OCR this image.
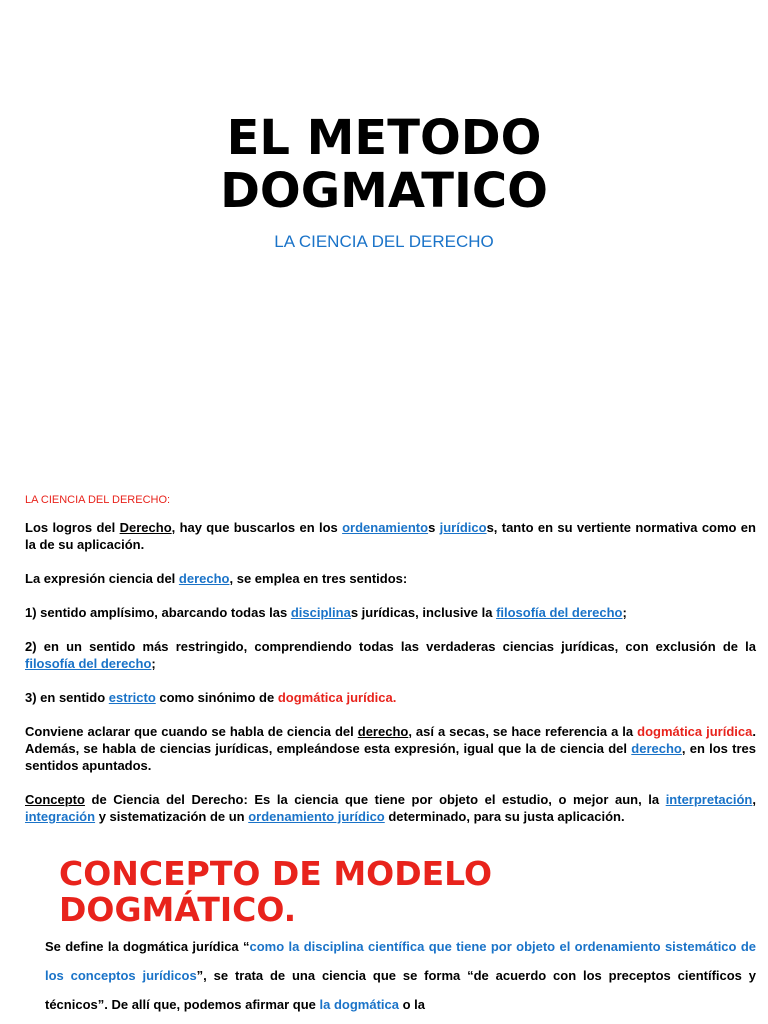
EL METODO
DOGMATICO
LA CIENCIA DEL DERECHO
LA CIENCIA DEL DERECHO:
Los logros del Derecho, hay que buscarlos en los ordenamientos jurídicos, tanto en su vertiente normativa como en la de su aplicación.
La expresión ciencia del derecho, se emplea en tres sentidos:
1) sentido amplísimo, abarcando todas las disciplinas jurídicas, inclusive la filosofía del derecho;
2) en un sentido más restringido, comprendiendo todas las verdaderas ciencias jurídicas, con exclusión de la filosofía del derecho;
3) en sentido estricto como sinónimo de dogmática jurídica.
Conviene aclarar que cuando se habla de ciencia del derecho, así a secas, se hace referencia a la dogmática jurídica. Además, se habla de ciencias jurídicas, empleándose esta expresión, igual que la de ciencia del derecho, en los tres sentidos apuntados.
Concepto de Ciencia del Derecho: Es la ciencia que tiene por objeto el estudio, o mejor aun, la interpretación, integración y sistematización de un ordenamiento jurídico determinado, para su justa aplicación.
CONCEPTO DE MODELO
DOGMÁTICO.
Se define la dogmática jurídica “como la disciplina científica que tiene por objeto el ordenamiento sistemático de los conceptos jurídicos”, se trata de una ciencia que se forma “de acuerdo con los preceptos científicos y técnicos”. De allí que, podemos afirmar que la dogmática o la
